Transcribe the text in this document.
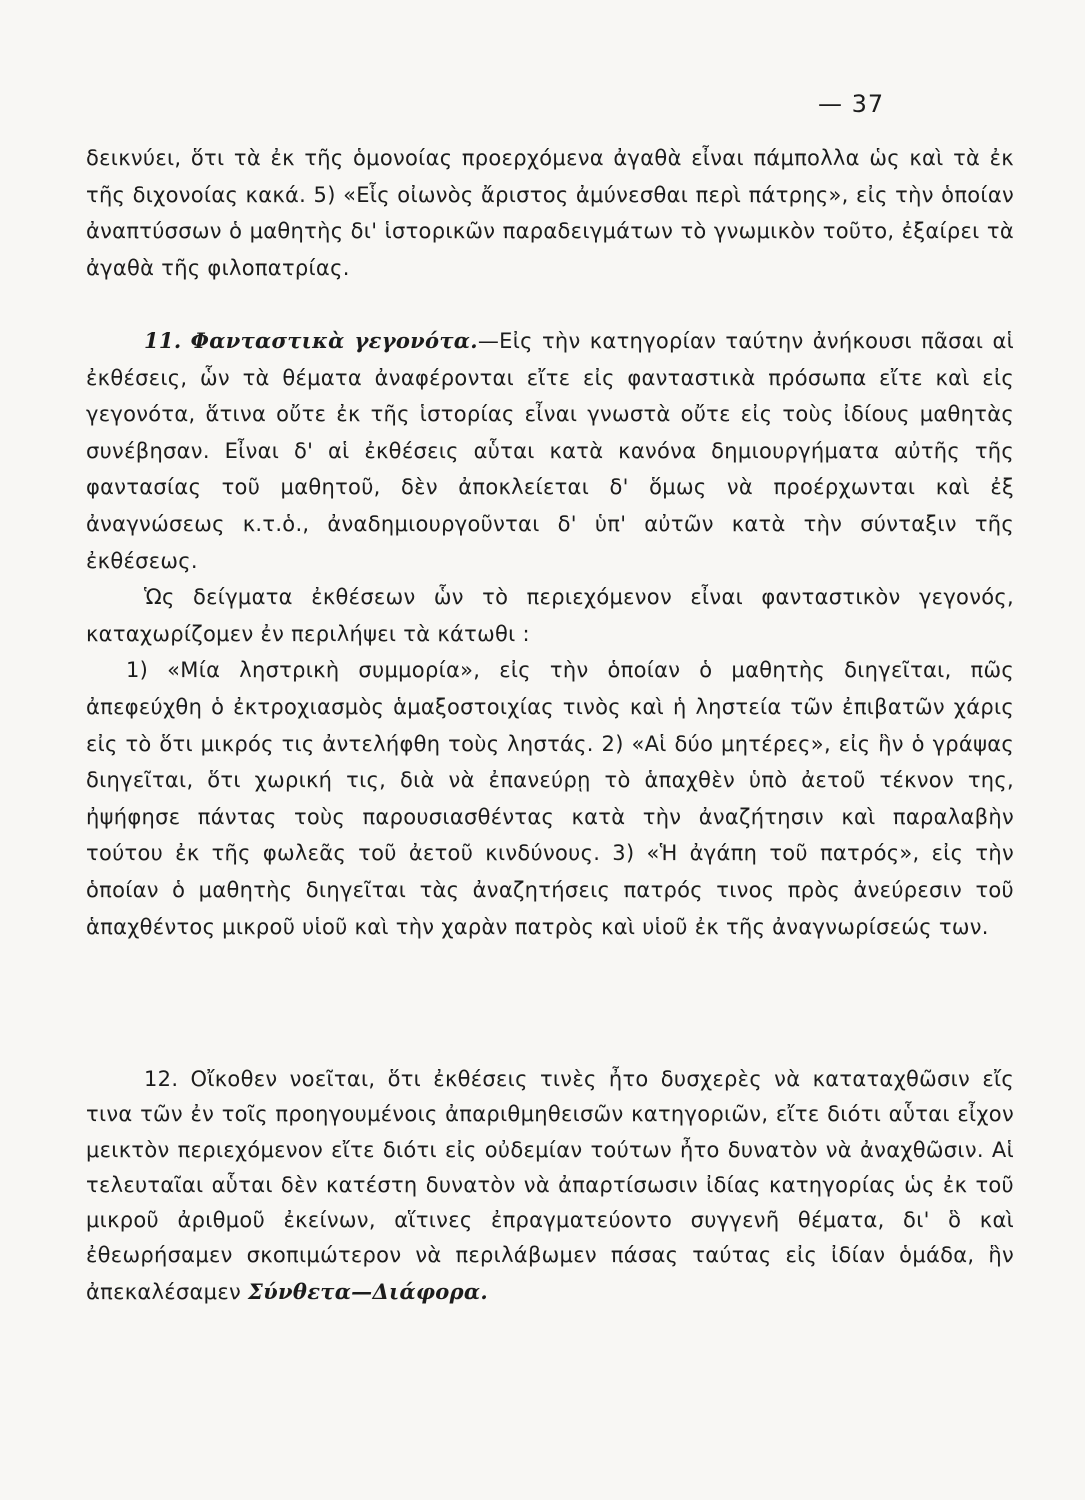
— 37

δεικνύει, ὅτι τὰ ἐκ τῆς ὁμονοίας προερχόμενα ἀγαθὰ εἶναι πάμπολλα ὡς καὶ τὰ ἐκ τῆς διχονοίας κακά. 5) «Εἷς οἰωνὸς ἄριστος ἀμύνεσθαι περὶ πάτρης», εἰς τὴν ὁποίαν ἀναπτύσσων ὁ μαθητὴς δι' ἱστορικῶν παραδειγμάτων τὸ γνωμικὸν τοῦτο, ἐξαίρει τὰ ἀγαθὰ τῆς φιλοπατρίας.

11. Φανταστικὰ γεγονότα.—Εἰς τὴν κατηγορίαν ταύτην ἀνήκουσι πᾶσαι αἱ ἐκθέσεις, ὧν τὰ θέματα ἀναφέρονται εἴτε εἰς φανταστικὰ πρόσωπα εἴτε καὶ εἰς γεγονότα, ἅτινα οὔτε ἐκ τῆς ἱστορίας εἶναι γνωστὰ οὔτε εἰς τοὺς ἰδίους μαθητὰς συνέβησαν. Εἶναι δ' αἱ ἐκθέσεις αὗται κατὰ κανόνα δημιουργήματα αὐτῆς τῆς φαντασίας τοῦ μαθητοῦ, δὲν ἀποκλείεται δ' ὅμως νὰ προέρχωνται καὶ ἐξ ἀναγνώσεως κ.τ.ὁ., ἀναδημιουργοῦνται δ' ὑπ' αὐτῶν κατὰ τὴν σύνταξιν τῆς ἐκθέσεως.

Ὡς δείγματα ἐκθέσεων ὧν τὸ περιεχόμενον εἶναι φανταστικὸν γεγονός, καταχωρίζομεν ἐν περιλήψει τὰ κάτωθι :

1) «Μία ληστρικὴ συμμορία», εἰς τὴν ὁποίαν ὁ μαθητὴς διηγεῖται, πῶς ἀπεφεύχθη ὁ ἐκτροχιασμὸς ἁμαξοστοιχίας τινὸς καὶ ἡ ληστεία τῶν ἐπιβατῶν χάρις εἰς τὸ ὅτι μικρός τις ἀντελήφθη τοὺς ληστάς. 2) «Αἱ δύο μητέρες», εἰς ἣν ὁ γράψας διηγεῖται, ὅτι χωρική τις, διὰ νὰ ἐπανεύρῃ τὸ ἁπαχθὲν ὑπὸ ἀετοῦ τέκνον της, ἠψήφησε πάντας τοὺς παρουσιασθέντας κατὰ τὴν ἀναζήτησιν καὶ παραλαβὴν τούτου ἐκ τῆς φωλεᾶς τοῦ ἀετοῦ κινδύνους. 3) «Ἡ ἀγάπη τοῦ πατρός», εἰς τὴν ὁποίαν ὁ μαθητὴς διηγεῖται τὰς ἀναζητήσεις πατρός τινος πρὸς ἀνεύρεσιν τοῦ ἁπαχθέντος μικροῦ υἱοῦ καὶ τὴν χαρὰν πατρὸς καὶ υἱοῦ ἐκ τῆς ἀναγνωρίσεώς των.

12. Οἴκοθεν νοεῖται, ὅτι ἐκθέσεις τινὲς ἦτο δυσχερὲς νὰ καταταχθῶσιν εἴς τινα τῶν ἐν τοῖς προηγουμένοις ἀπαριθμηθεισῶν κατηγοριῶν, εἴτε διότι αὗται εἶχον μεικτὸν περιεχόμενον εἴτε διότι εἰς οὐδεμίαν τούτων ἦτο δυνατὸν νὰ ἀναχθῶσιν. Αἱ τελευταῖαι αὗται δὲν κατέστη δυνατὸν νὰ ἀπαρτίσωσιν ἰδίας κατηγορίας ὡς ἐκ τοῦ μικροῦ ἀριθμοῦ ἐκείνων, αἵτινες ἐπραγματεύοντο συγγενῆ θέματα, δι' ὃ καὶ ἐθεωρήσαμεν σκοπιμώτερον νὰ περιλάβωμεν πάσας ταύτας εἰς ἰδίαν ὁμάδα, ἣν ἀπεκαλέσαμεν Σύνθετα—Διάφορα.
